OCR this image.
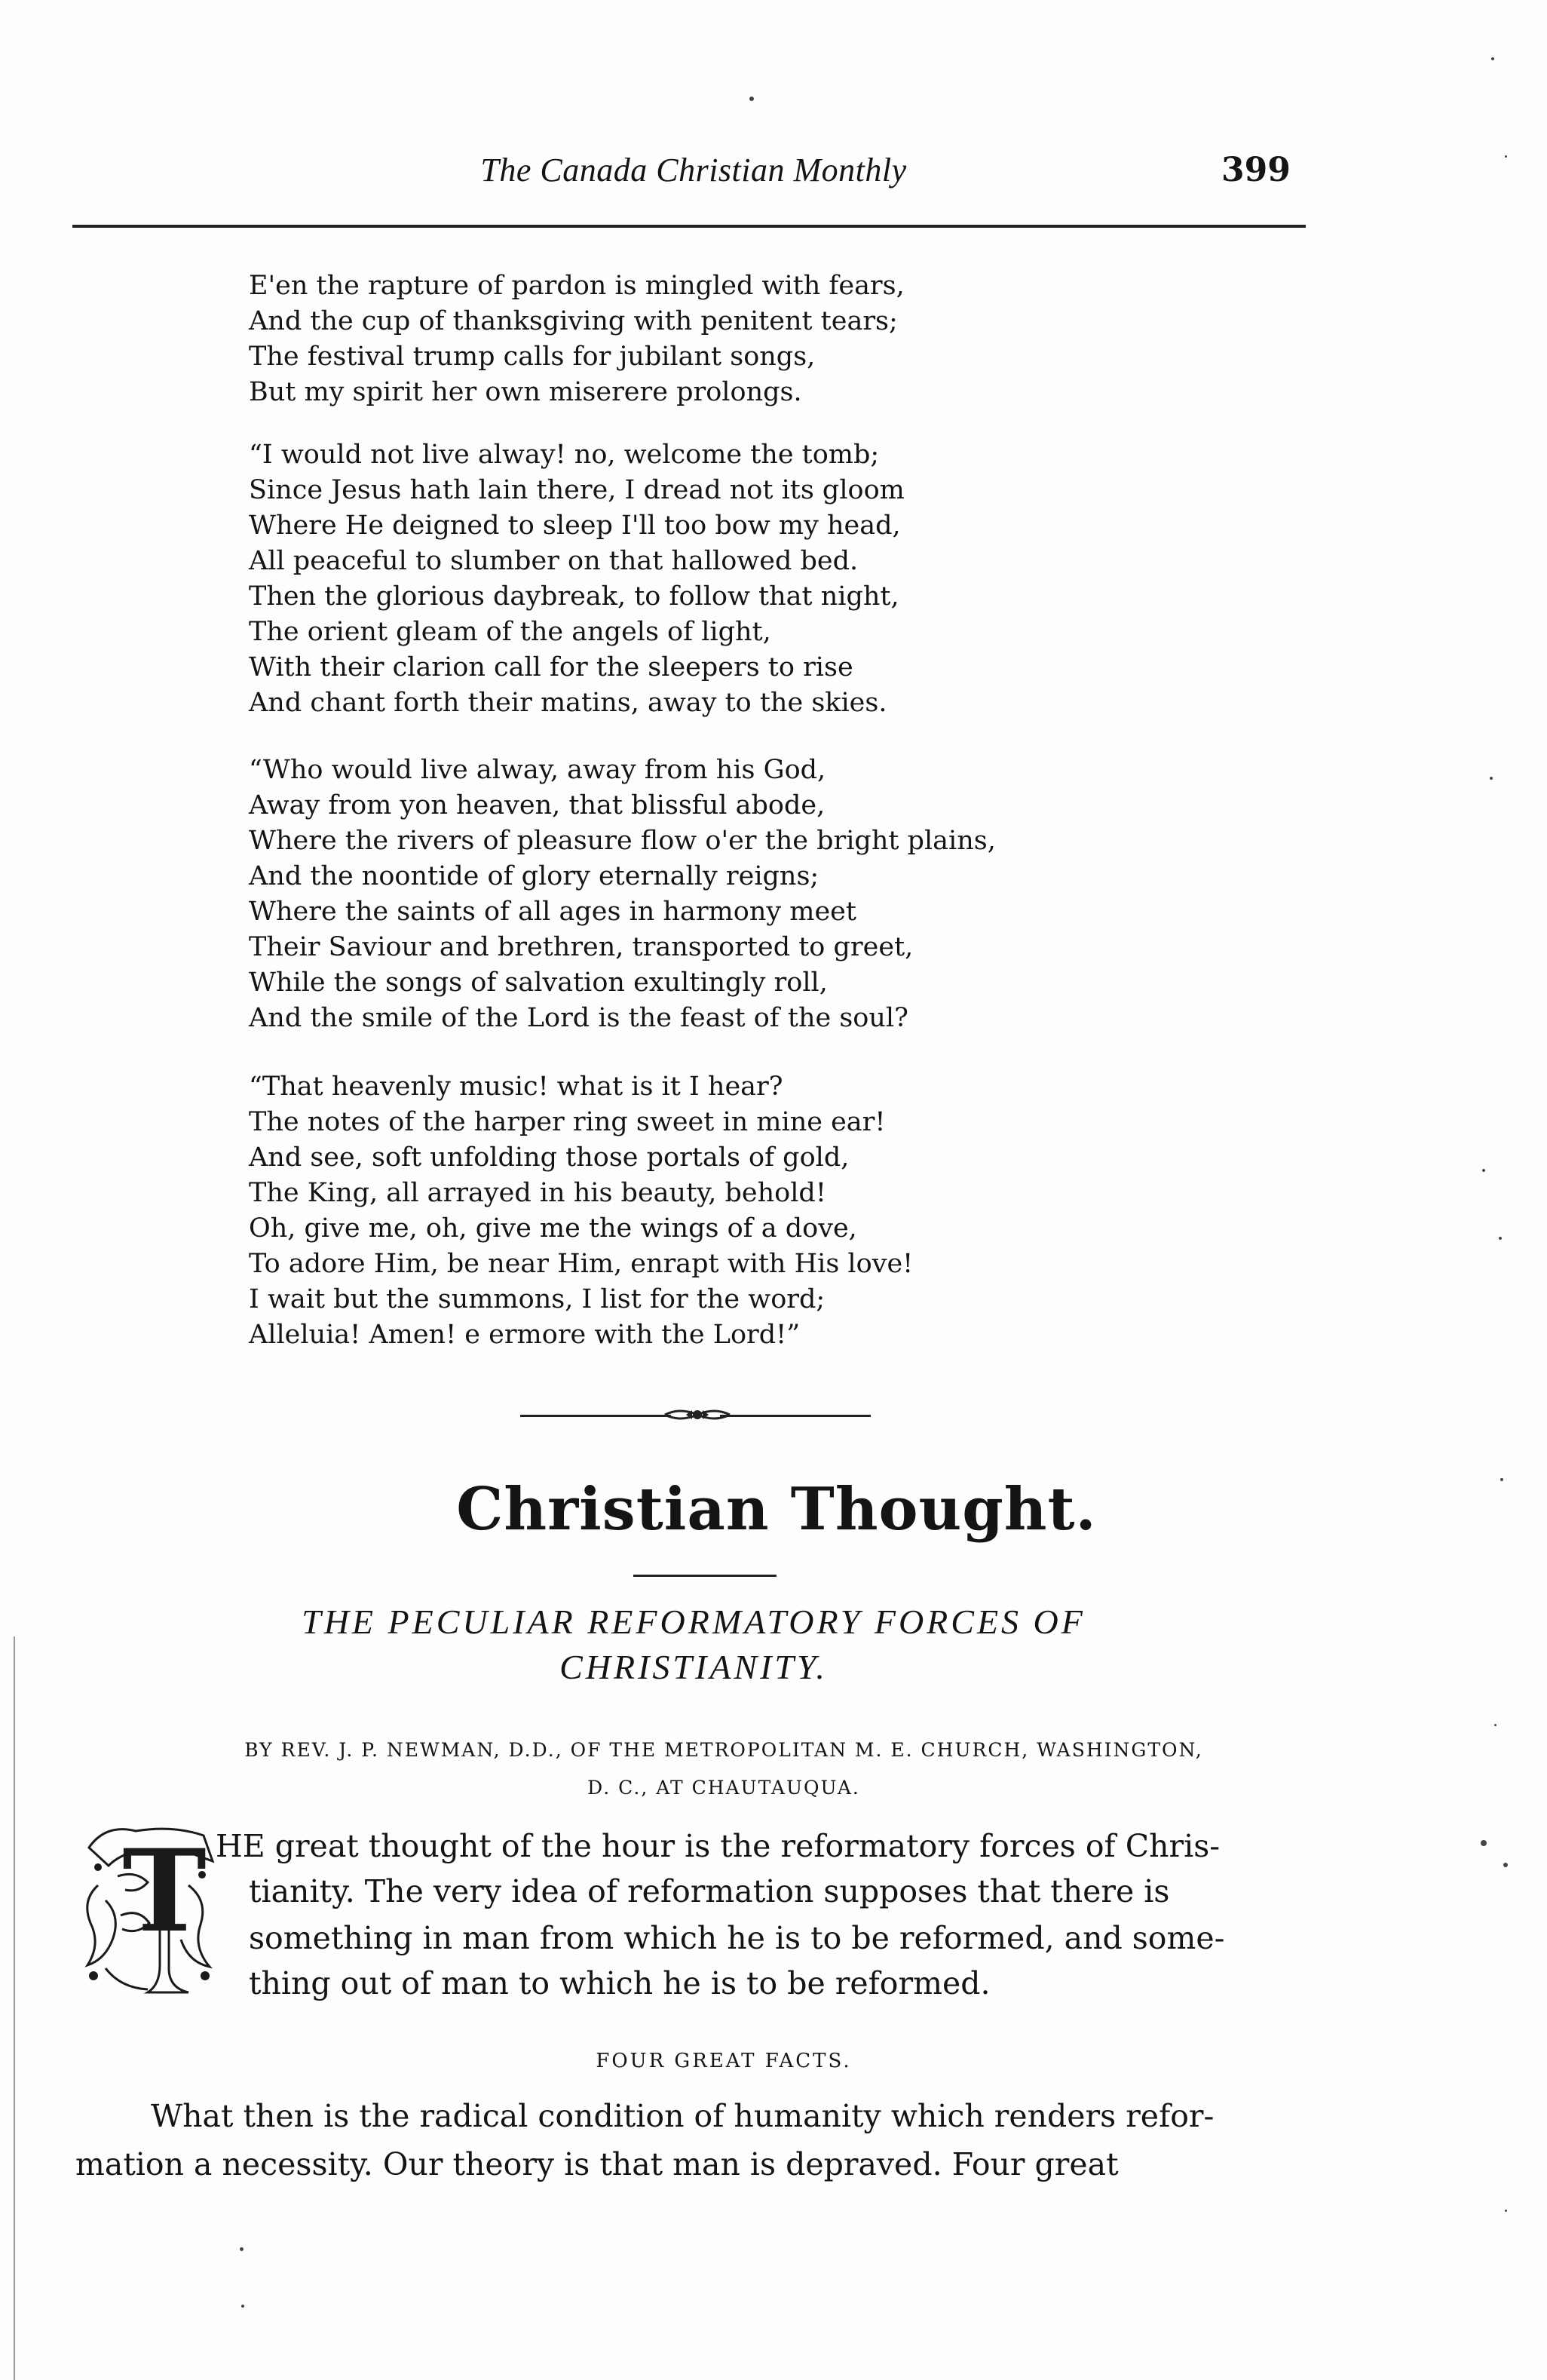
The Canada Christian Monthly	399
E'en the rapture of pardon is mingled with fears,
And the cup of thanksgiving with penitent tears;
The festival trump calls for jubilant songs,
But my spirit her own miserere prolongs.
“I would not live alway! no, welcome the tomb;
Since Jesus hath lain there, I dread not its gloom
Where He deigned to sleep I'll too bow my head,
All peaceful to slumber on that hallowed bed.
Then the glorious daybreak, to follow that night,
The orient gleam of the angels of light,
With their clarion call for the sleepers to rise
And chant forth their matins, away to the skies.
“Who would live alway, away from his God,
Away from yon heaven, that blissful abode,
Where the rivers of pleasure flow o'er the bright plains,
And the noontide of glory eternally reigns;
Where the saints of all ages in harmony meet
Their Saviour and brethren, transported to greet,
While the songs of salvation exultingly roll,
And the smile of the Lord is the feast of the soul?
“That heavenly music! what is it I hear?
The notes of the harper ring sweet in mine ear!
And see, soft unfolding those portals of gold,
The King, all arrayed in his beauty, behold!
Oh, give me, oh, give me the wings of a dove,
To adore Him, be near Him, enrapt with His love!
I wait but the summons, I list for the word;
Alleluia! Amen! e ermore with the Lord!”
Christian Thought.
THE PECULIAR REFORMATORY FORCES OF
CHRISTIANITY.
BY REV. J. P. NEWMAN, D.D., OF THE METROPOLITAN M. E. CHURCH, WASHINGTON,
D. C., AT CHAUTAUQUA.
T HE great thought of the hour is the reformatory forces of Chris-
tianity. The very idea of reformation supposes that there is
something in man from which he is to be reformed, and some-
thing out of man to which he is to be reformed.
FOUR GREAT FACTS.
What then is the radical condition of humanity which renders refor-
mation a necessity. Our theory is that man is depraved. Four great
